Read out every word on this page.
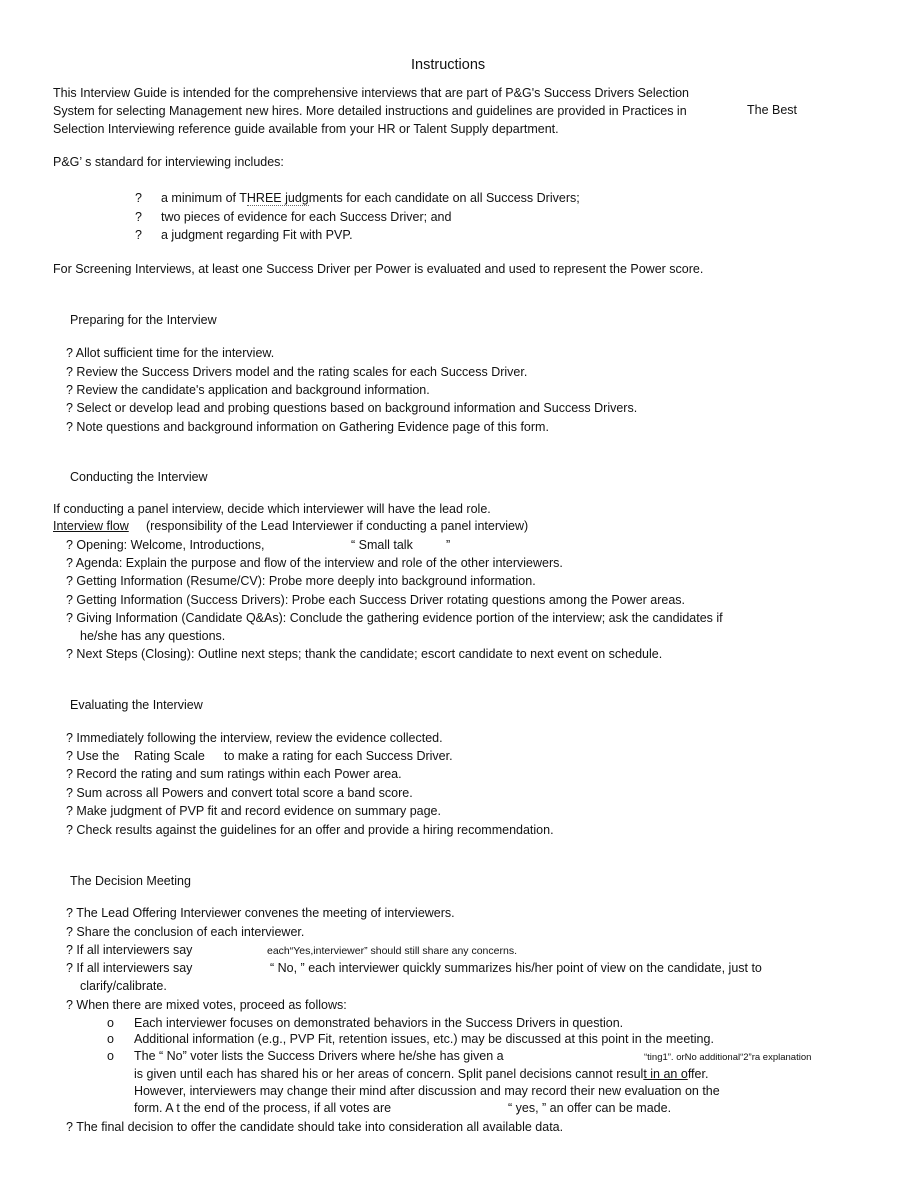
Instructions
This Interview Guide is intended for the comprehensive interviews that are part of P&G's Success Drivers Selection
System for selecting Management new hires. More detailed instructions and guidelines are provided in Practices in	The Best
Selection Interviewing reference guide available from your HR or Talent Supply department.
P&G’ s standard for interviewing includes:
? a minimum of THREE judgments for each candidate on all Success Drivers;
? two pieces of evidence for each Success Driver; and
? a judgment regarding Fit with PVP.
For Screening Interviews, at least one Success Driver per Power is evaluated and used to represent the Power score.
Preparing for the Interview
? Allot sufficient time for the interview.
? Review the Success Drivers model and the rating scales for each Success Driver.
? Review the candidate's application and background information.
? Select or develop lead and probing questions based on background information and Success Drivers.
? Note questions and background information on Gathering Evidence page of this form.
Conducting the Interview
If conducting a panel interview, decide which interviewer will have the lead role.
Interview flow (responsibility of the Lead Interviewer if conducting a panel interview)
? Opening: Welcome, Introductions,	“ Small talk	”
? Agenda: Explain the purpose and flow of the interview and role of the other interviewers.
? Getting Information (Resume/CV): Probe more deeply into background information.
? Getting Information (Success Drivers): Probe each Success Driver rotating questions among the Power areas.
? Giving Information (Candidate Q&As): Conclude the gathering evidence portion of the interview; ask the candidates if
he/she has any questions.
? Next Steps (Closing): Outline next steps; thank the candidate; escort candidate to next event on schedule.
Evaluating the Interview
? Immediately following the interview, review the evidence collected.
? Use the Rating Scale to make a rating for each Success Driver.
? Record the rating and sum ratings within each Power area.
? Sum across all Powers and convert total score a band score.
? Make judgment of PVP fit and record evidence on summary page.
? Check results against the guidelines for an offer and provide a hiring recommendation.
The Decision Meeting
? The Lead Offering Interviewer convenes the meeting of interviewers.
? Share the conclusion of each interviewer.
? If all interviewers say	each“Yes,interviewer” should still share any concerns.
? If all interviewers say	“ No, ” each interviewer quickly summarizes his/her point of view on the candidate, just to
clarify/calibrate.
? When there are mixed votes, proceed as follows:
o Each interviewer focuses on demonstrated behaviors in the Success Drivers in question.
o Additional information (e.g., PVP Fit, retention issues, etc.) may be discussed at this point in the meeting.
o The “ No” voter lists the Success Drivers where he/she has given a	“ting1”. orNo additional“2”ra explanation
is given until each has shared his or her areas of concern. Split panel decisions cannot result in an offer.
However, interviewers may change their mind after discussion and may record their new evaluation on the
form. A t the end of the process, if all votes are	“ yes, ” an offer can be made.
? The final decision to offer the candidate should take into consideration all available data.
